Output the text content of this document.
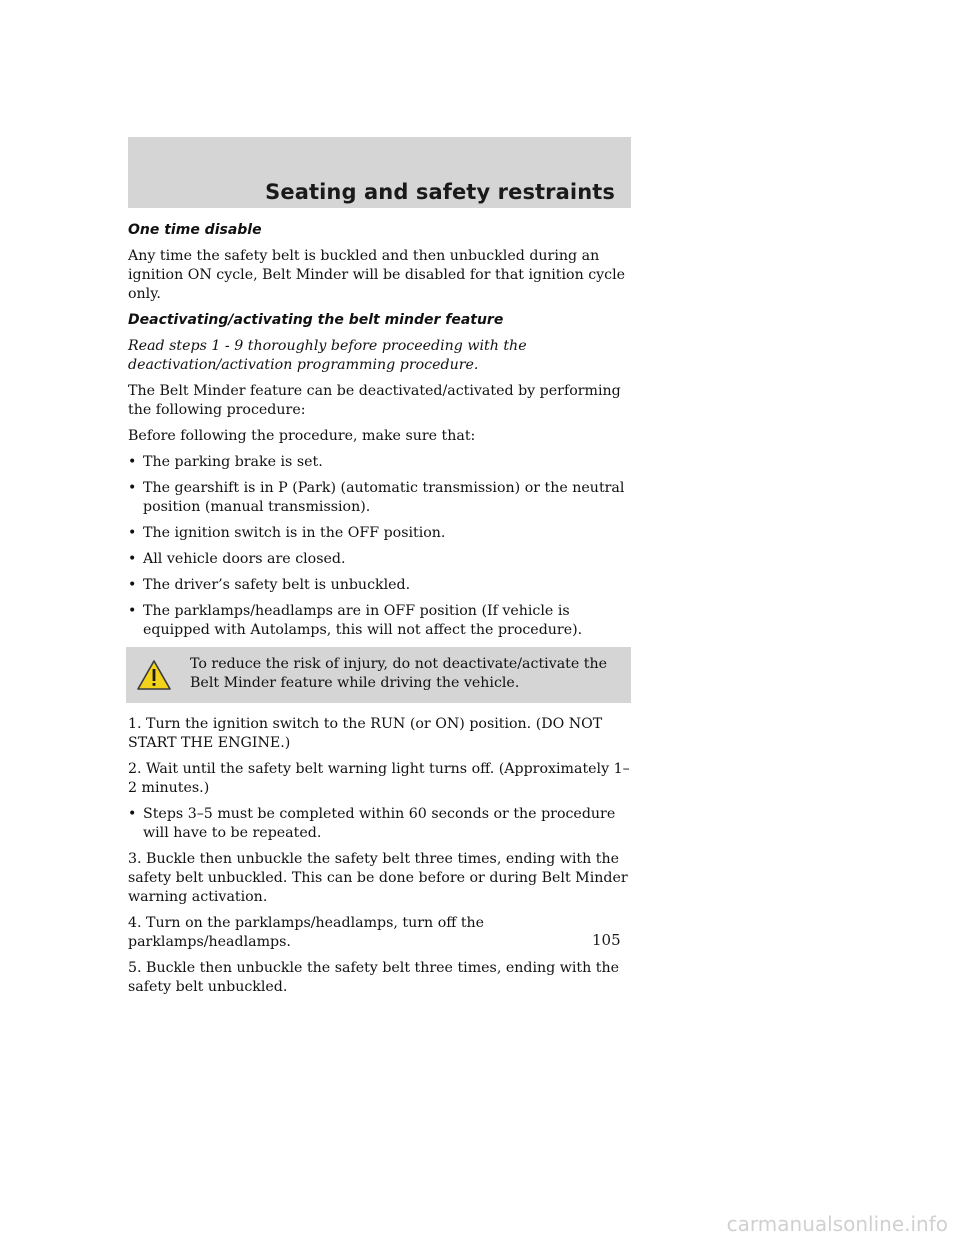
Seating and safety restraints

One time disable

Any time the safety belt is buckled and then unbuckled during an ignition ON cycle, Belt Minder will be disabled for that ignition cycle only.

Deactivating/activating the belt minder feature

Read steps 1 - 9 thoroughly before proceeding with the deactivation/activation programming procedure.

The Belt Minder feature can be deactivated/activated by performing the following procedure:

Before following the procedure, make sure that:

• The parking brake is set.
• The gearshift is in P (Park) (automatic transmission) or the neutral position (manual transmission).
• The ignition switch is in the OFF position.
• All vehicle doors are closed.
• The driver’s safety belt is unbuckled.
• The parklamps/headlamps are in OFF position (If vehicle is equipped with Autolamps, this will not affect the procedure).
To reduce the risk of injury, do not deactivate/activate the Belt Minder feature while driving the vehicle.

1. Turn the ignition switch to the RUN (or ON) position. (DO NOT START THE ENGINE.)

2. Wait until the safety belt warning light turns off. (Approximately 1–2 minutes.)

• Steps 3–5 must be completed within 60 seconds or the procedure will have to be repeated.

3. Buckle then unbuckle the safety belt three times, ending with the safety belt unbuckled. This can be done before or during Belt Minder warning activation.

4. Turn on the parklamps/headlamps, turn off the parklamps/headlamps.

5. Buckle then unbuckle the safety belt three times, ending with the safety belt unbuckled.

105
carmanualsonline.info
